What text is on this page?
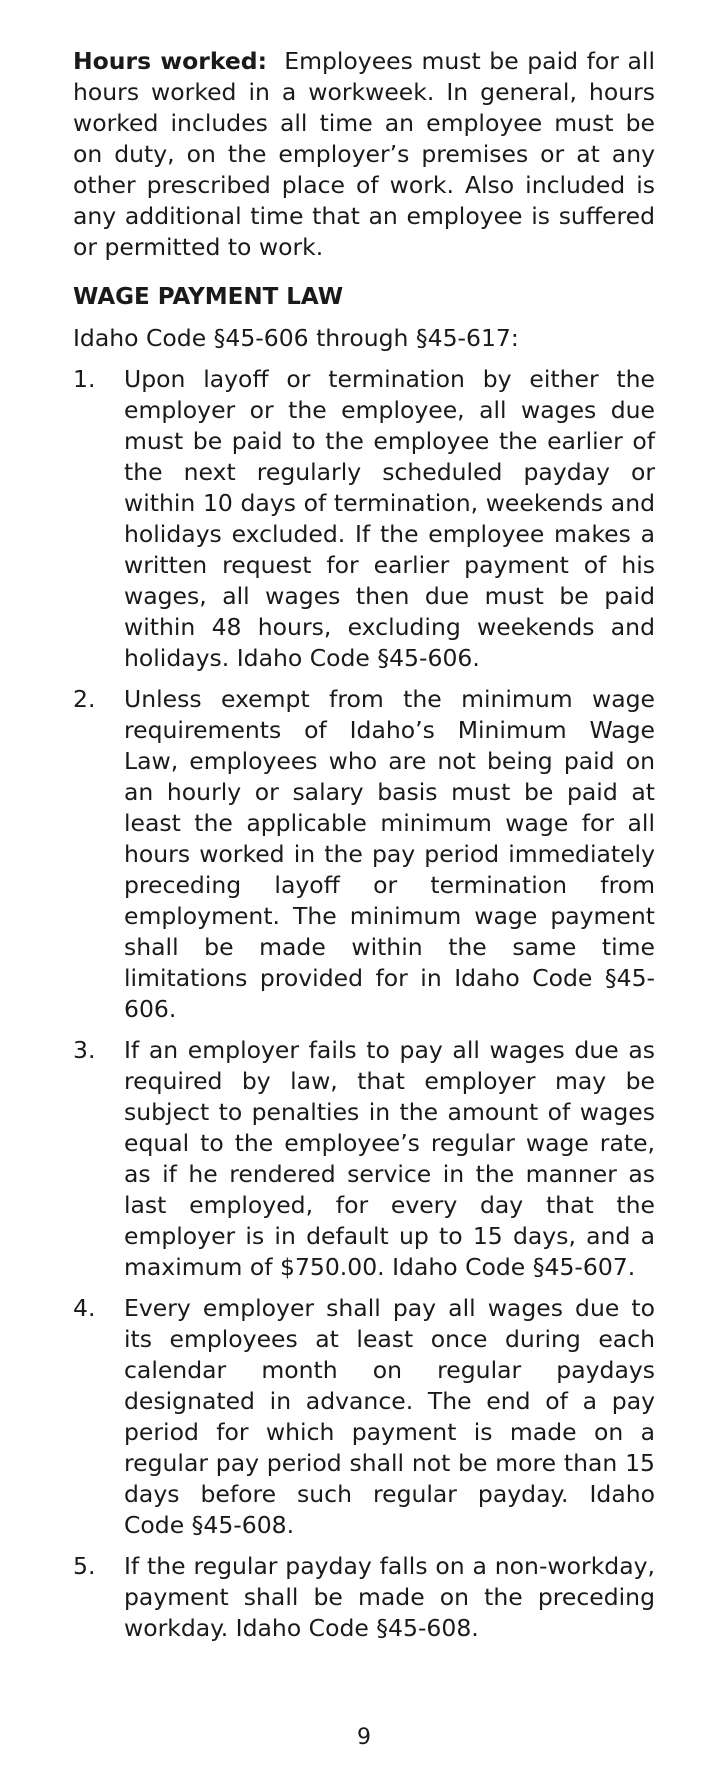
Hours worked: Employees must be paid for all hours worked in a workweek. In general, hours worked includes all time an employee must be on duty, on the employer’s premises or at any other prescribed place of work. Also included is any additional time that an employee is suffered or permitted to work.

WAGE PAYMENT LAW
Idaho Code §45-606 through §45-617:
1. Upon layoff or termination by either the employer or the employee, all wages due must be paid to the employee the earlier of the next regularly scheduled payday or within 10 days of termination, weekends and holidays excluded. If the employee makes a written request for earlier payment of his wages, all wages then due must be paid within 48 hours, excluding weekends and holidays. Idaho Code §45-606.
2. Unless exempt from the minimum wage requirements of Idaho’s Minimum Wage Law, employees who are not being paid on an hourly or salary basis must be paid at least the applicable minimum wage for all hours worked in the pay period immediately preceding layoff or termination from employment. The minimum wage payment shall be made within the same time limitations provided for in Idaho Code §45-606.
3. If an employer fails to pay all wages due as required by law, that employer may be subject to penalties in the amount of wages equal to the employee’s regular wage rate, as if he rendered service in the manner as last employed, for every day that the employer is in default up to 15 days, and a maximum of $750.00. Idaho Code §45-607.
4. Every employer shall pay all wages due to its employees at least once during each calendar month on regular paydays designated in advance. The end of a pay period for which payment is made on a regular pay period shall not be more than 15 days before such regular payday. Idaho Code §45-608.
5. If the regular payday falls on a non-workday, payment shall be made on the preceding workday. Idaho Code §45-608.
9
